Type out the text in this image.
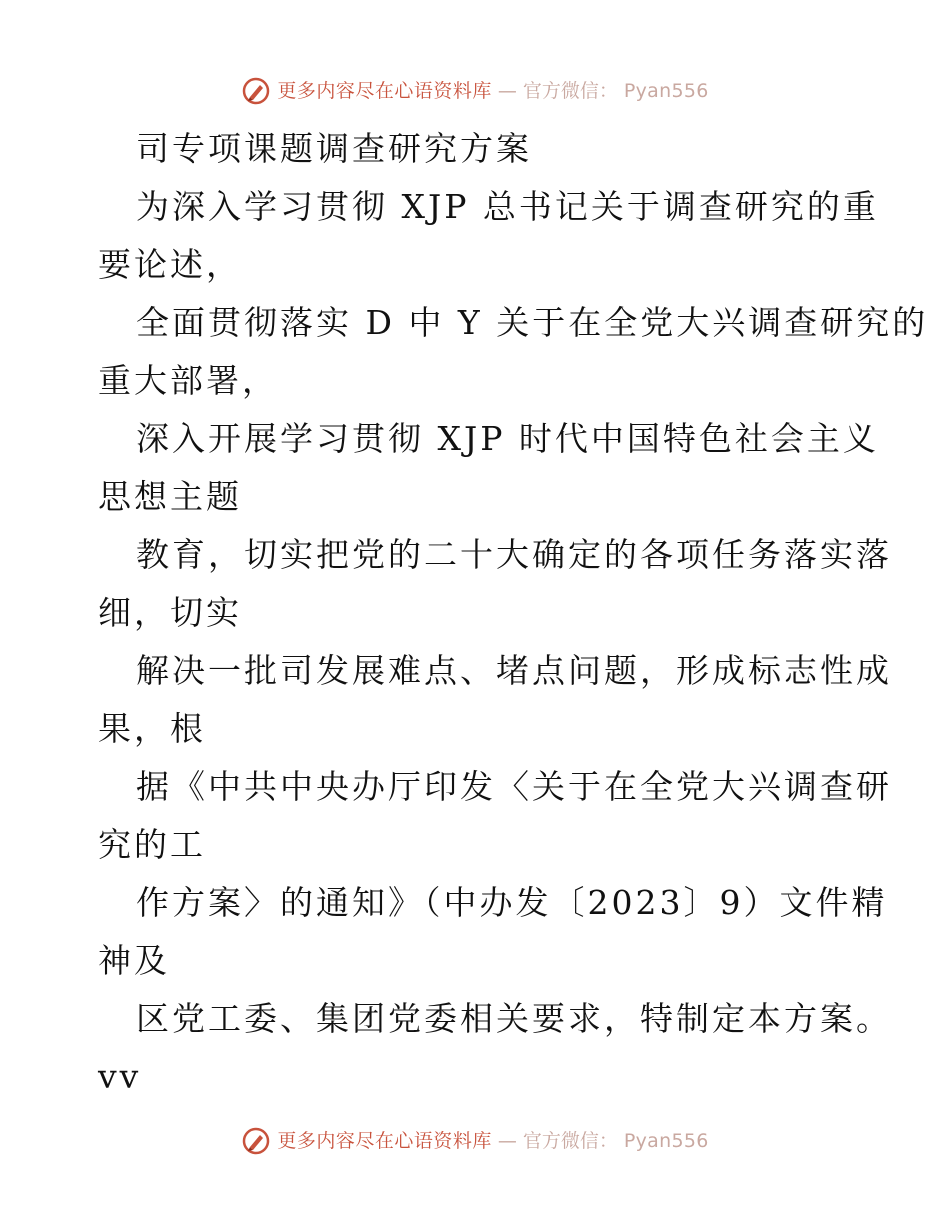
更多内容尽在心语资料库 — 官方微信： Pyan556
司专项课题调查研究方案
为深入学习贯彻 XJP 总书记关于调查研究的重
要论述，
全面贯彻落实 D 中 Y 关于在全党大兴调查研究的
重大部署，
深入开展学习贯彻 XJP 时代中国特色社会主义
思想主题
教育，切实把党的二十大确定的各项任务落实落
细，切实
解决一批司发展难点、堵点问题，形成标志性成
果，根
据《中共中央办厅印发〈关于在全党大兴调查研
究的工
作方案〉的通知》（中办发〔2023〕9）文件精
神及
区党工委、集团党委相关要求，特制定本方案。
vv
更多内容尽在心语资料库 — 官方微信： Pyan556
